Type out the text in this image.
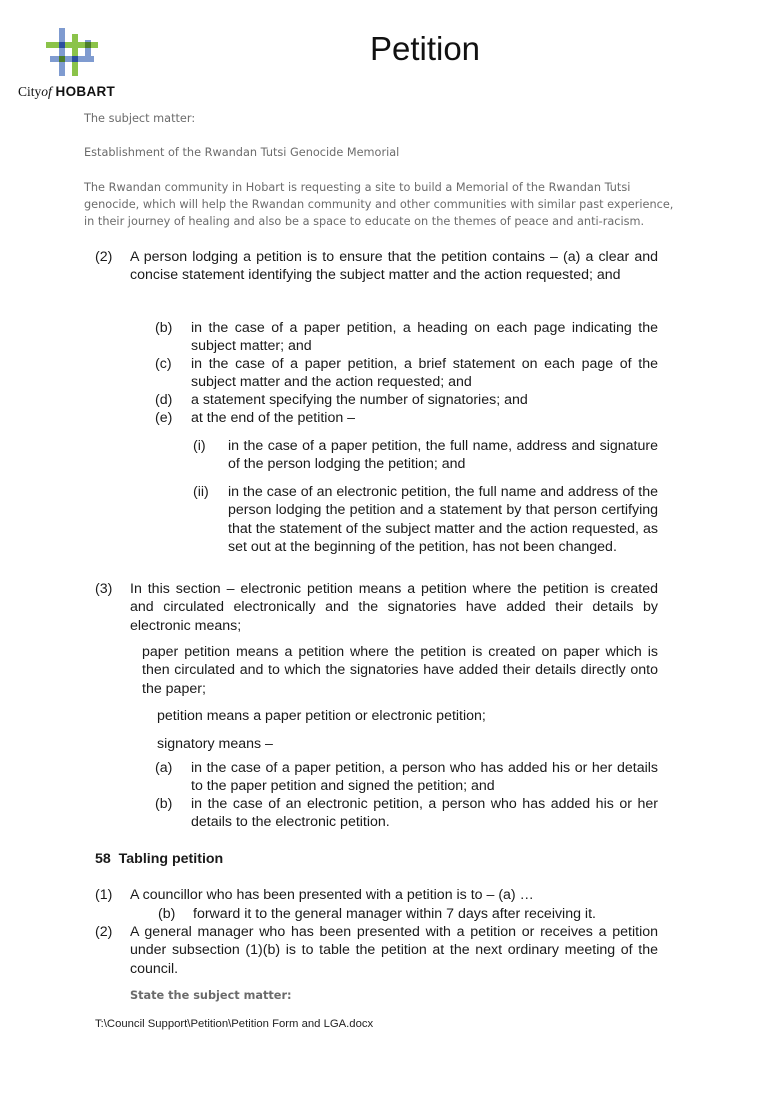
Cityof HOBART
Petition
The subject matter:
Establishment of the Rwandan Tutsi Genocide Memorial
The Rwandan community in Hobart is requesting a site to build a Memorial of the Rwandan Tutsi
genocide, which will help the Rwandan community and other communities with similar past experience,
in their journey of healing and also be a space to educate on the themes of peace and anti-racism.
(2) A person lodging a petition is to ensure that the petition contains – (a) a clear and concise statement identifying the subject matter and the action requested; and
(b) in the case of a paper petition, a heading on each page indicating the subject matter; and
(c) in the case of a paper petition, a brief statement on each page of the subject matter and the action requested; and
(d) a statement specifying the number of signatories; and
(e) at the end of the petition –
(i) in the case of a paper petition, the full name, address and signature of the person lodging the petition; and
(ii) in the case of an electronic petition, the full name and address of the person lodging the petition and a statement by that person certifying that the statement of the subject matter and the action requested, as set out at the beginning of the petition, has not been changed.
(3) In this section – electronic petition means a petition where the petition is created and circulated electronically and the signatories have added their details by electronic means;
paper petition means a petition where the petition is created on paper which is then circulated and to which the signatories have added their details directly onto the paper;
petition means a paper petition or electronic petition;
signatory means –
(a) in the case of a paper petition, a person who has added his or her details to the paper petition and signed the petition; and
(b) in the case of an electronic petition, a person who has added his or her details to the electronic petition.
58  Tabling petition
(1) A councillor who has been presented with a petition is to – (a) …
(b) forward it to the general manager within 7 days after receiving it.
(2) A general manager who has been presented with a petition or receives a petition under subsection (1)(b) is to table the petition at the next ordinary meeting of the council.
State the subject matter:
T:\Council Support\Petition\Petition Form and LGA.docx
